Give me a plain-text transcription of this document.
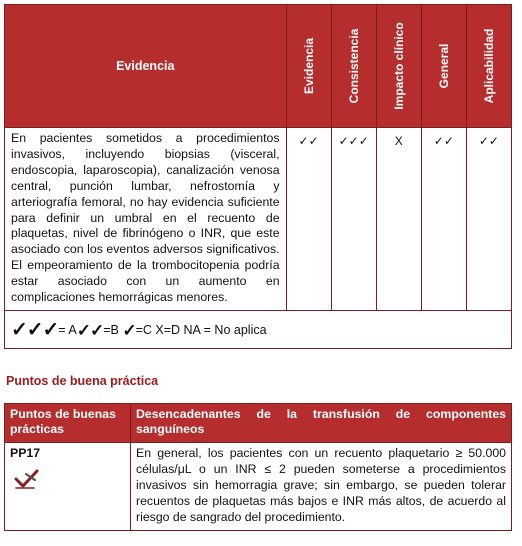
Evidencia	Evidencia	Consistencia	Impacto clínico	General	Aplicabilidad

En pacientes sometidos a procedimientos invasivos, incluyendo biopsias (visceral, endoscopia, laparoscopia), canalización venosa central, punción lumbar, nefrostomía y arteriografía femoral, no hay evidencia suficiente para definir un umbral en el recuento de plaquetas, nivel de fibrinógeno o INR, que este asociado con los eventos adversos significativos. El empeoramiento de la trombocitopenia podría estar asociado con un aumento en complicaciones hemorrágicas menores.	✓✓	✓✓✓	X	✓✓	✓✓
✓✓✓= A✓✓=B ✓=C X=D NA = No aplica					
Puntos de buena práctica
Puntos de buenas prácticas	Desencadenantes de la transfusión de componentes sanguíneos
PP17	En general, los pacientes con un recuento plaquetario ≥ 50.000 células/μL o un INR ≤ 2 pueden someterse a procedimientos invasivos sin hemorragia grave; sin embargo, se pueden tolerar recuentos de plaquetas más bajos e INR más altos, de acuerdo al riesgo de sangrado del procedimiento.
